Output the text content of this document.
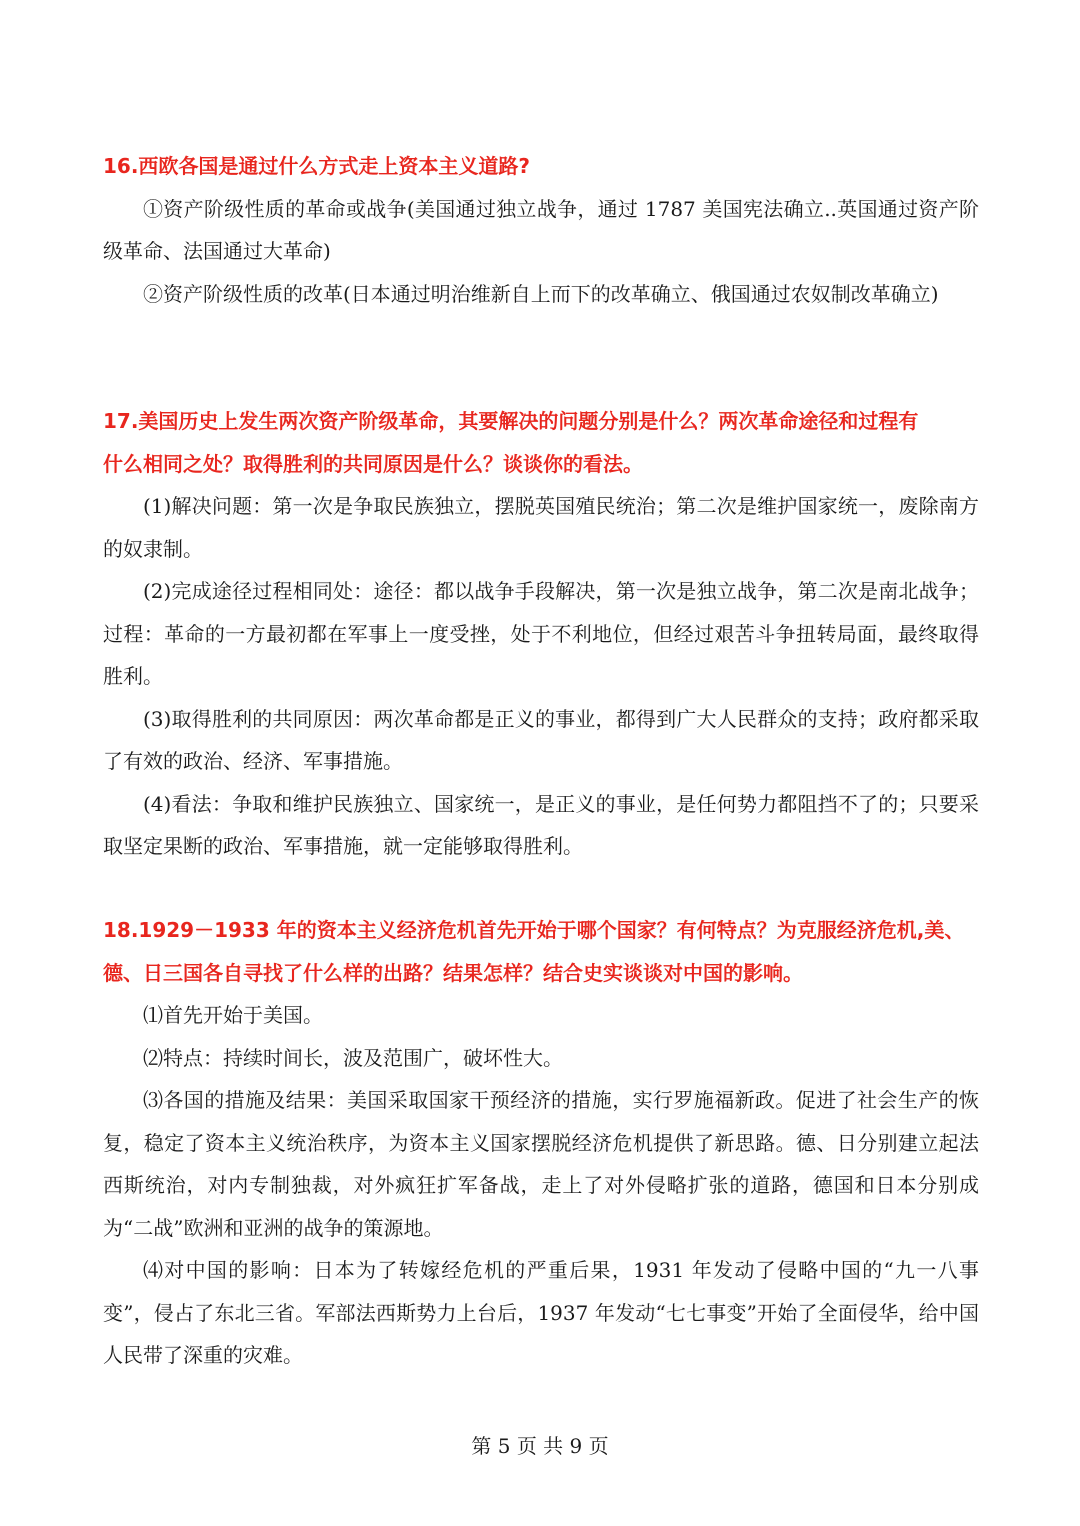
16.西欧各国是通过什么方式走上资本主义道路?

①资产阶级性质的革命或战争(美国通过独立战争，通过 1787 美国宪法确立..英国通过资产阶级革命、法国通过大革命)

②资产阶级性质的改革(日本通过明治维新自上而下的改革确立、俄国通过农奴制改革确立)

17.美国历史上发生两次资产阶级革命，其要解决的问题分别是什么？两次革命途径和过程有
什么相同之处？取得胜利的共同原因是什么？谈谈你的看法。

(1)解决问题：第一次是争取民族独立，摆脱英国殖民统治；第二次是维护国家统一，废除南方的奴隶制。

(2)完成途径过程相同处：途径：都以战争手段解决，第一次是独立战争，第二次是南北战争；过程：革命的一方最初都在军事上一度受挫，处于不利地位，但经过艰苦斗争扭转局面，最终取得胜利。

(3)取得胜利的共同原因：两次革命都是正义的事业，都得到广大人民群众的支持；政府都采取了有效的政治、经济、军事措施。

(4)看法：争取和维护民族独立、国家统一，是正义的事业，是任何势力都阻挡不了的；只要采取坚定果断的政治、军事措施，就一定能够取得胜利。

18.1929－1933 年的资本主义经济危机首先开始于哪个国家？有何特点？为克服经济危机,美、
德、日三国各自寻找了什么样的出路？结果怎样？结合史实谈谈对中国的影响。

⑴首先开始于美国。

⑵特点：持续时间长，波及范围广，破坏性大。

⑶各国的措施及结果：美国采取国家干预经济的措施，实行罗施福新政。促进了社会生产的恢复，稳定了资本主义统治秩序，为资本主义国家摆脱经济危机提供了新思路。德、日分别建立起法西斯统治，对内专制独裁，对外疯狂扩军备战，走上了对外侵略扩张的道路，德国和日本分别成为“二战”欧洲和亚洲的战争的策源地。

⑷对中国的影响：日本为了转嫁经危机的严重后果，1931 年发动了侵略中国的“九一八事变”，侵占了东北三省。军部法西斯势力上台后，1937 年发动“七七事变”开始了全面侵华，给中国人民带了深重的灾难。

第 5 页 共 9 页
